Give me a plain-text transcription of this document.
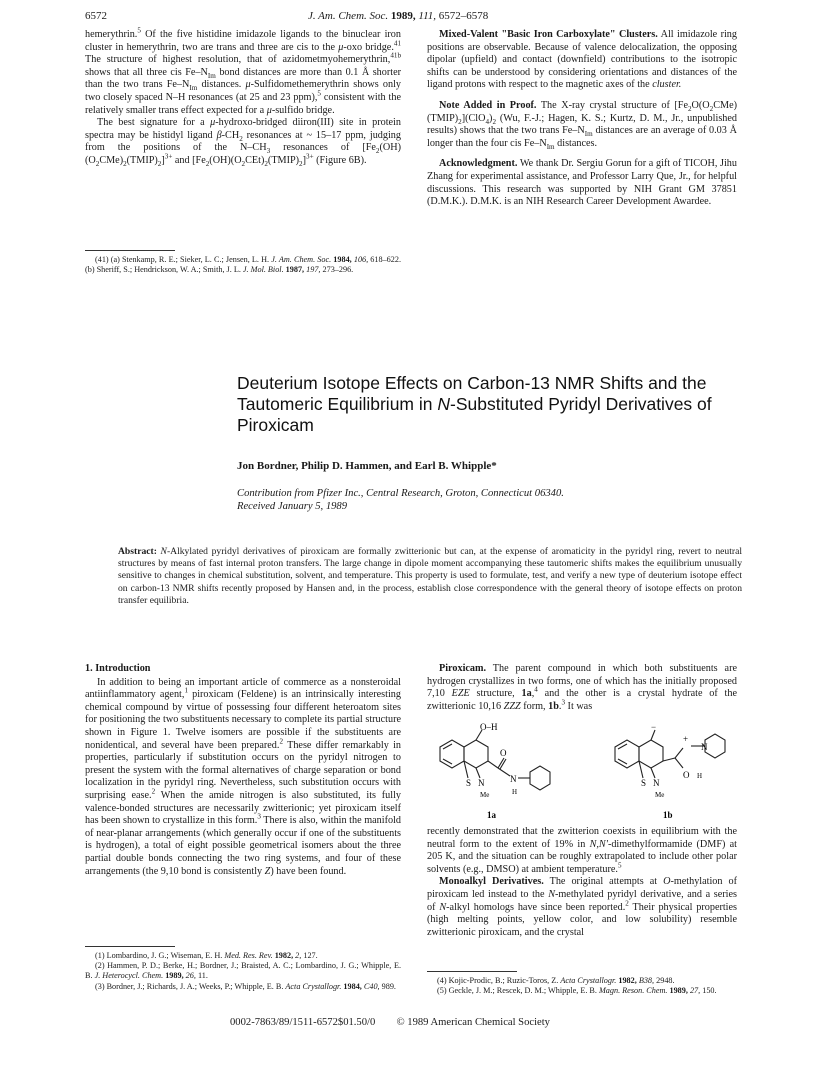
6572	J. Am. Chem. Soc. 1989, 111, 6572–6578

hemerythrin.$^5$ Of the five histidine imidazole ligands to the binuclear iron cluster in hemerythrin, two are trans and three are cis to the μ-oxo bridge.$^{41}$ The structure of highest resolution, that of azidometmyohemerythrin,$^{41b}$ shows that all three cis $Fe-N_{Im}$ bond distances are more than 0.1 Å shorter than the two trans $Fe-N_{Im}$ distances. μ-Sulfidomethemerythrin shows only two closely spaced N–H resonances (at 25 and 23 ppm),$^5$ consistent with the relatively smaller trans effect expected for a μ-sulfido bridge.

The best signature for a μ-hydroxo-bridged diiron(III) site in protein spectra may be histidyl ligand $\beta-CH_2$ resonances at ~ 15–17 ppm, judging from the positions of the $N-CH_3$ resonances of $[Fe_2(OH)(O_2CMe)_2(TMIP)_2]^{3+}$ and $[Fe_2(OH)(O_2CEt)_2(TMIP)_2]^{3+}$ (Figure 6B).

(41) (a) Stenkamp, R. E.; Sieker, L. C.; Jensen, L. H. J. Am. Chem. Soc. 1984, 106, 618–622. (b) Sheriff, S.; Hendrickson, W. A.; Smith, J. L. J. Mol. Biol. 1987, 197, 273–296.

Mixed-Valent "Basic Iron Carboxylate" Clusters. All imidazole ring positions are observable. Because of valence delocalization, the opposing dipolar (upfield) and contact (downfield) contributions to the isotropic shifts can be understood by considering orientations and distances of the ligand protons with respect to the magnetic axes of the cluster.

Note Added in Proof. The X-ray crystal structure of $[Fe_2O(O_2CMe)(TMIP)_2](ClO_4)_2$ (Wu, F.-J.; Hagen, K. S.; Kurtz, D. M., Jr., unpublished results) shows that the two trans $Fe-N_{Im}$ distances are an average of 0.03 Å longer than the four cis $Fe-N_{Im}$ distances.

Acknowledgment. We thank Dr. Sergiu Gorun for a gift of TICOH, Jihu Zhang for experimental assistance, and Professor Larry Que, Jr., for helpful discussions. This research was supported by NIH Grant GM 37851 (D.M.K.). D.M.K. is an NIH Research Career Development Awardee.

Deuterium Isotope Effects on Carbon-13 NMR Shifts and the Tautomeric Equilibrium in N-Substituted Pyridyl Derivatives of Piroxicam
Jon Bordner, Philip D. Hammen, and Earl B. Whipple*
Contribution from Pfizer Inc., Central Research, Groton, Connecticut 06340.
Received January 5, 1989
Abstract: N-Alkylated pyridyl derivatives of piroxicam are formally zwitterionic but can, at the expense of aromaticity in the pyridyl ring, revert to neutral structures by means of fast internal proton transfers. The large change in dipole moment accompanying these tautomeric shifts makes the equilibrium unusually sensitive to changes in chemical substitution, solvent, and temperature. This property is used to formulate, test, and verify a new type of deuterium isotope effect on carbon-13 NMR shifts recently proposed by Hansen and, in the process, establish close correspondence with the general theory of isotope effects on proton transfer equilibria.

1. Introduction

In addition to being an important article of commerce as a nonsteroidal antiinflammatory agent,$^1$ piroxicam (Feldene) is an intrinsically interesting chemical compound by virtue of possessing four different heteroatom sites for positioning the two substituents necessary to complete its partial structure shown in Figure 1. Twelve isomers are possible if the substituents are nonidentical, and several have been prepared.$^2$ These differ remarkably in properties, particularly if substitution occurs on the pyridyl nitrogen to present the system with the formal alternatives of charge separation or bond localization in the pyridyl ring. Nevertheless, such substitution occurs with surprising ease.$^2$ When the amide nitrogen is also substituted, its fully valence-bonded structures are necessarily zwitterionic; yet piroxicam itself has been shown to crystallize in this form.$^3$ There is also, within the manifold of near-planar arrangements (which generally occur if one of the substituents is hydrogen), a total of eight possible geometrical isomers about the three partial double bonds connecting the two ring systems, and four of these arrangements (the 9,10 bond is consistently Z) have been found.

(1) Lombardino, J. G.; Wiseman, E. H. Med. Res. Rev. 1982, 2, 127.

(2) Hammen, P. D.; Berke, H.; Bordner, J.; Braisted, A. C.; Lombardino, J. G.; Whipple, E. B. J. Heterocycl. Chem. 1989, 26, 11.

(3) Bordner, J.; Richards, J. A.; Weeks, P.; Whipple, E. B. Acta Crystallogr. 1984, C40, 989.

Piroxicam. The parent compound in which both substituents are hydrogen crystallizes in two forms, one of which has the initially proposed 7,10 EZE structure, 1a,$^4$ and the other is a crystal hydrate of the zwitterionic 10,16 ZZZ form, 1b.$^3$ It was

O–H
O
S N
Me
N
H
1a
−
+
O
S N
Me
H
N
1b

recently demonstrated that the zwitterion coexists in equilibrium with the neutral form to the extent of 19% in N,N′-dimethylformamide (DMF) at 205 K, and the situation can be roughly extrapolated to include other polar solvents (e.g., DMSO) at ambient temperature.$^5$

Monoalkyl Derivatives. The original attempts at O-methylation of piroxicam led instead to the N-methylated pyridyl derivative, and a series of N-alkyl homologs have since been reported.$^2$ Their physical properties (high melting points, yellow color, and low solubility) resemble zwitterionic piroxicam, and the crystal

(4) Kojic-Prodic, B.; Ruzic-Toros, Z. Acta Crystallogr. 1982, B38, 2948.

(5) Geckle, J. M.; Rescek, D. M.; Whipple, E. B. Magn. Reson. Chem. 1989, 27, 150.

0002-7863/89/1511-6572$01.50/0 © 1989 American Chemical Society
